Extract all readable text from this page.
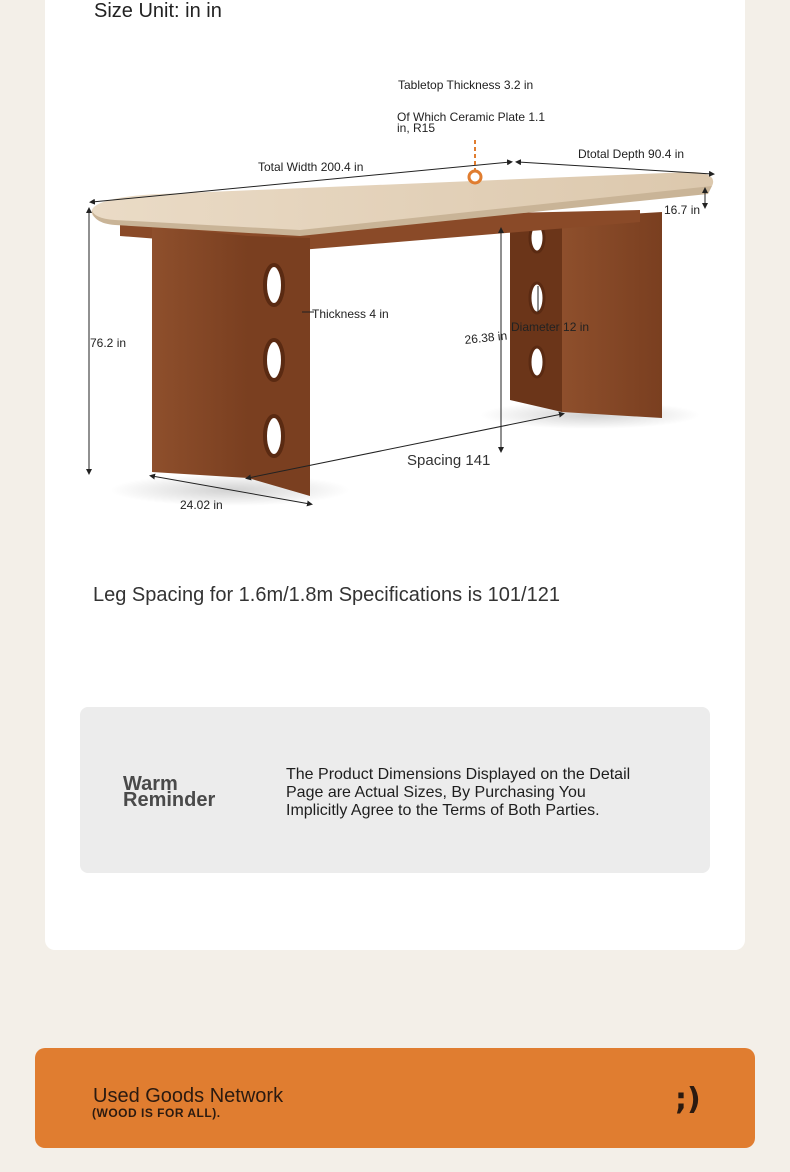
Size Unit: in in
Tabletop Thickness 3.2 in
Of Which Ceramic Plate 1.1
in, R15
Total Width 200.4 in
Dtotal Depth 90.4 in
16.7 in
76.2 in
Thickness 4 in
26.38 in
Diameter 12 in
Spacing 141
24.02 in
Leg Spacing for 1.6m/1.8m Specifications is 101/121
Warm
Reminder
The Product Dimensions Displayed on the Detail
Page are Actual Sizes, By Purchasing You
Implicitly Agree to the Terms of Both Parties.
Used Goods Network
(WOOD IS FOR ALL).	;)
